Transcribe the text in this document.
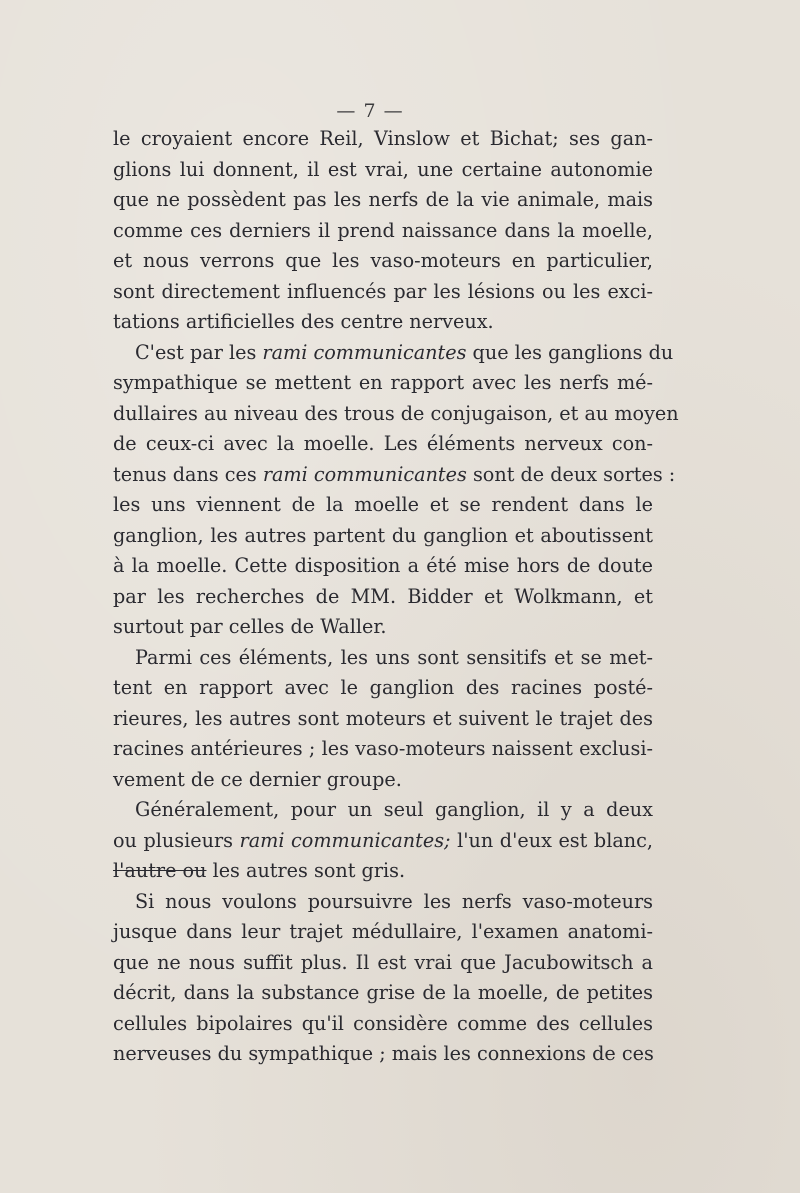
— 7 —
le croyaient encore Reil, Vinslow et Bichat; ses gan-
glions lui donnent, il est vrai, une certaine autonomie
que ne possèdent pas les nerfs de la vie animale, mais
comme ces derniers il prend naissance dans la moelle,
et nous verrons que les vaso-moteurs en particulier,
sont directement influencés par les lésions ou les exci-
tations artificielles des centre nerveux.
C'est par les rami communicantes que les ganglions du
sympathique se mettent en rapport avec les nerfs mé-
dullaires au niveau des trous de conjugaison, et au moyen
de ceux-ci avec la moelle. Les éléments nerveux con-
tenus dans ces rami communicantes sont de deux sortes :
les uns viennent de la moelle et se rendent dans le
ganglion, les autres partent du ganglion et aboutissent
à la moelle. Cette disposition a été mise hors de doute
par les recherches de MM. Bidder et Wolkmann, et
surtout par celles de Waller.
Parmi ces éléments, les uns sont sensitifs et se met-
tent en rapport avec le ganglion des racines posté-
rieures, les autres sont moteurs et suivent le trajet des
racines antérieures ; les vaso-moteurs naissent exclusi-
vement de ce dernier groupe.
Généralement, pour un seul ganglion, il y a deux
ou plusieurs rami communicantes; l'un d'eux est blanc,
l'autre ou les autres sont gris.
Si nous voulons poursuivre les nerfs vaso-moteurs
jusque dans leur trajet médullaire, l'examen anatomi-
que ne nous suffit plus. Il est vrai que Jacubowitsch a
décrit, dans la substance grise de la moelle, de petites
cellules bipolaires qu'il considère comme des cellules
nerveuses du sympathique ; mais les connexions de ces
